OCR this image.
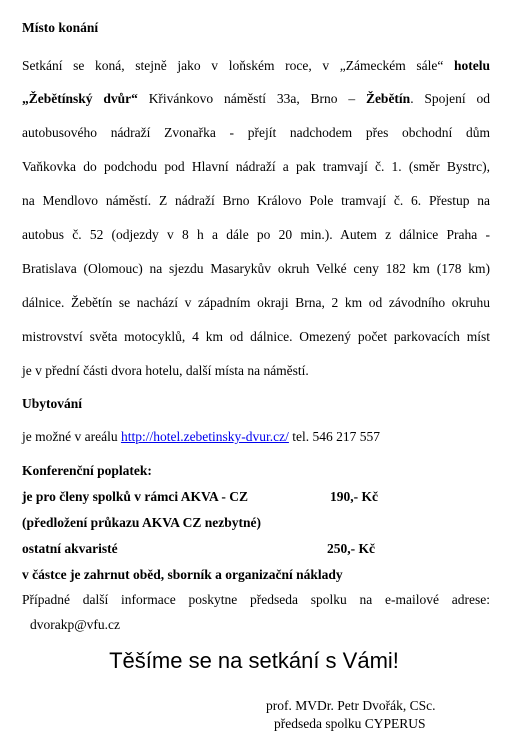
Místo konání
Setkání se koná, stejně jako v loňském roce, v „Zámeckém sále“ hotelu
„Žebětínský dvůr“ Křivánkovo náměstí 33a, Brno – Žebětín. Spojení od
autobusového nádraží Zvonařka - přejít nadchodem přes obchodní dům
Vaňkovka do podchodu pod Hlavní nádraží a pak tramvají č. 1. (směr Bystrc),
na Mendlovo náměstí. Z nádraží Brno Královo Pole tramvají č. 6. Přestup na
autobus č. 52 (odjezdy v 8 h a dále po 20 min.). Autem z dálnice Praha -
Bratislava (Olomouc) na sjezdu Masarykův okruh Velké ceny 182 km (178 km)
dálnice. Žebětín se nachází v západním okraji Brna, 2 km od závodního okruhu
mistrovství světa motocyklů, 4 km od dálnice. Omezený počet parkovacích míst
je v přední části dvora hotelu, další místa na náměstí.
Ubytování
je možné v areálu http://hotel.zebetinsky-dvur.cz/ tel. 546 217 557
Konferenční poplatek:
je pro členy spolků v rámci AKVA - CZ	190,- Kč
(předložení průkazu AKVA CZ nezbytné)
ostatní akvaristé	250,- Kč
v částce je zahrnut oběd, sborník a organizační náklady
Případné další informace poskytne předseda spolku na e-mailové adrese:
dvorakp@vfu.cz
Těšíme se na setkání s Vámi!
prof. MVDr. Petr Dvořák, CSc.
předseda spolku CYPERUS
